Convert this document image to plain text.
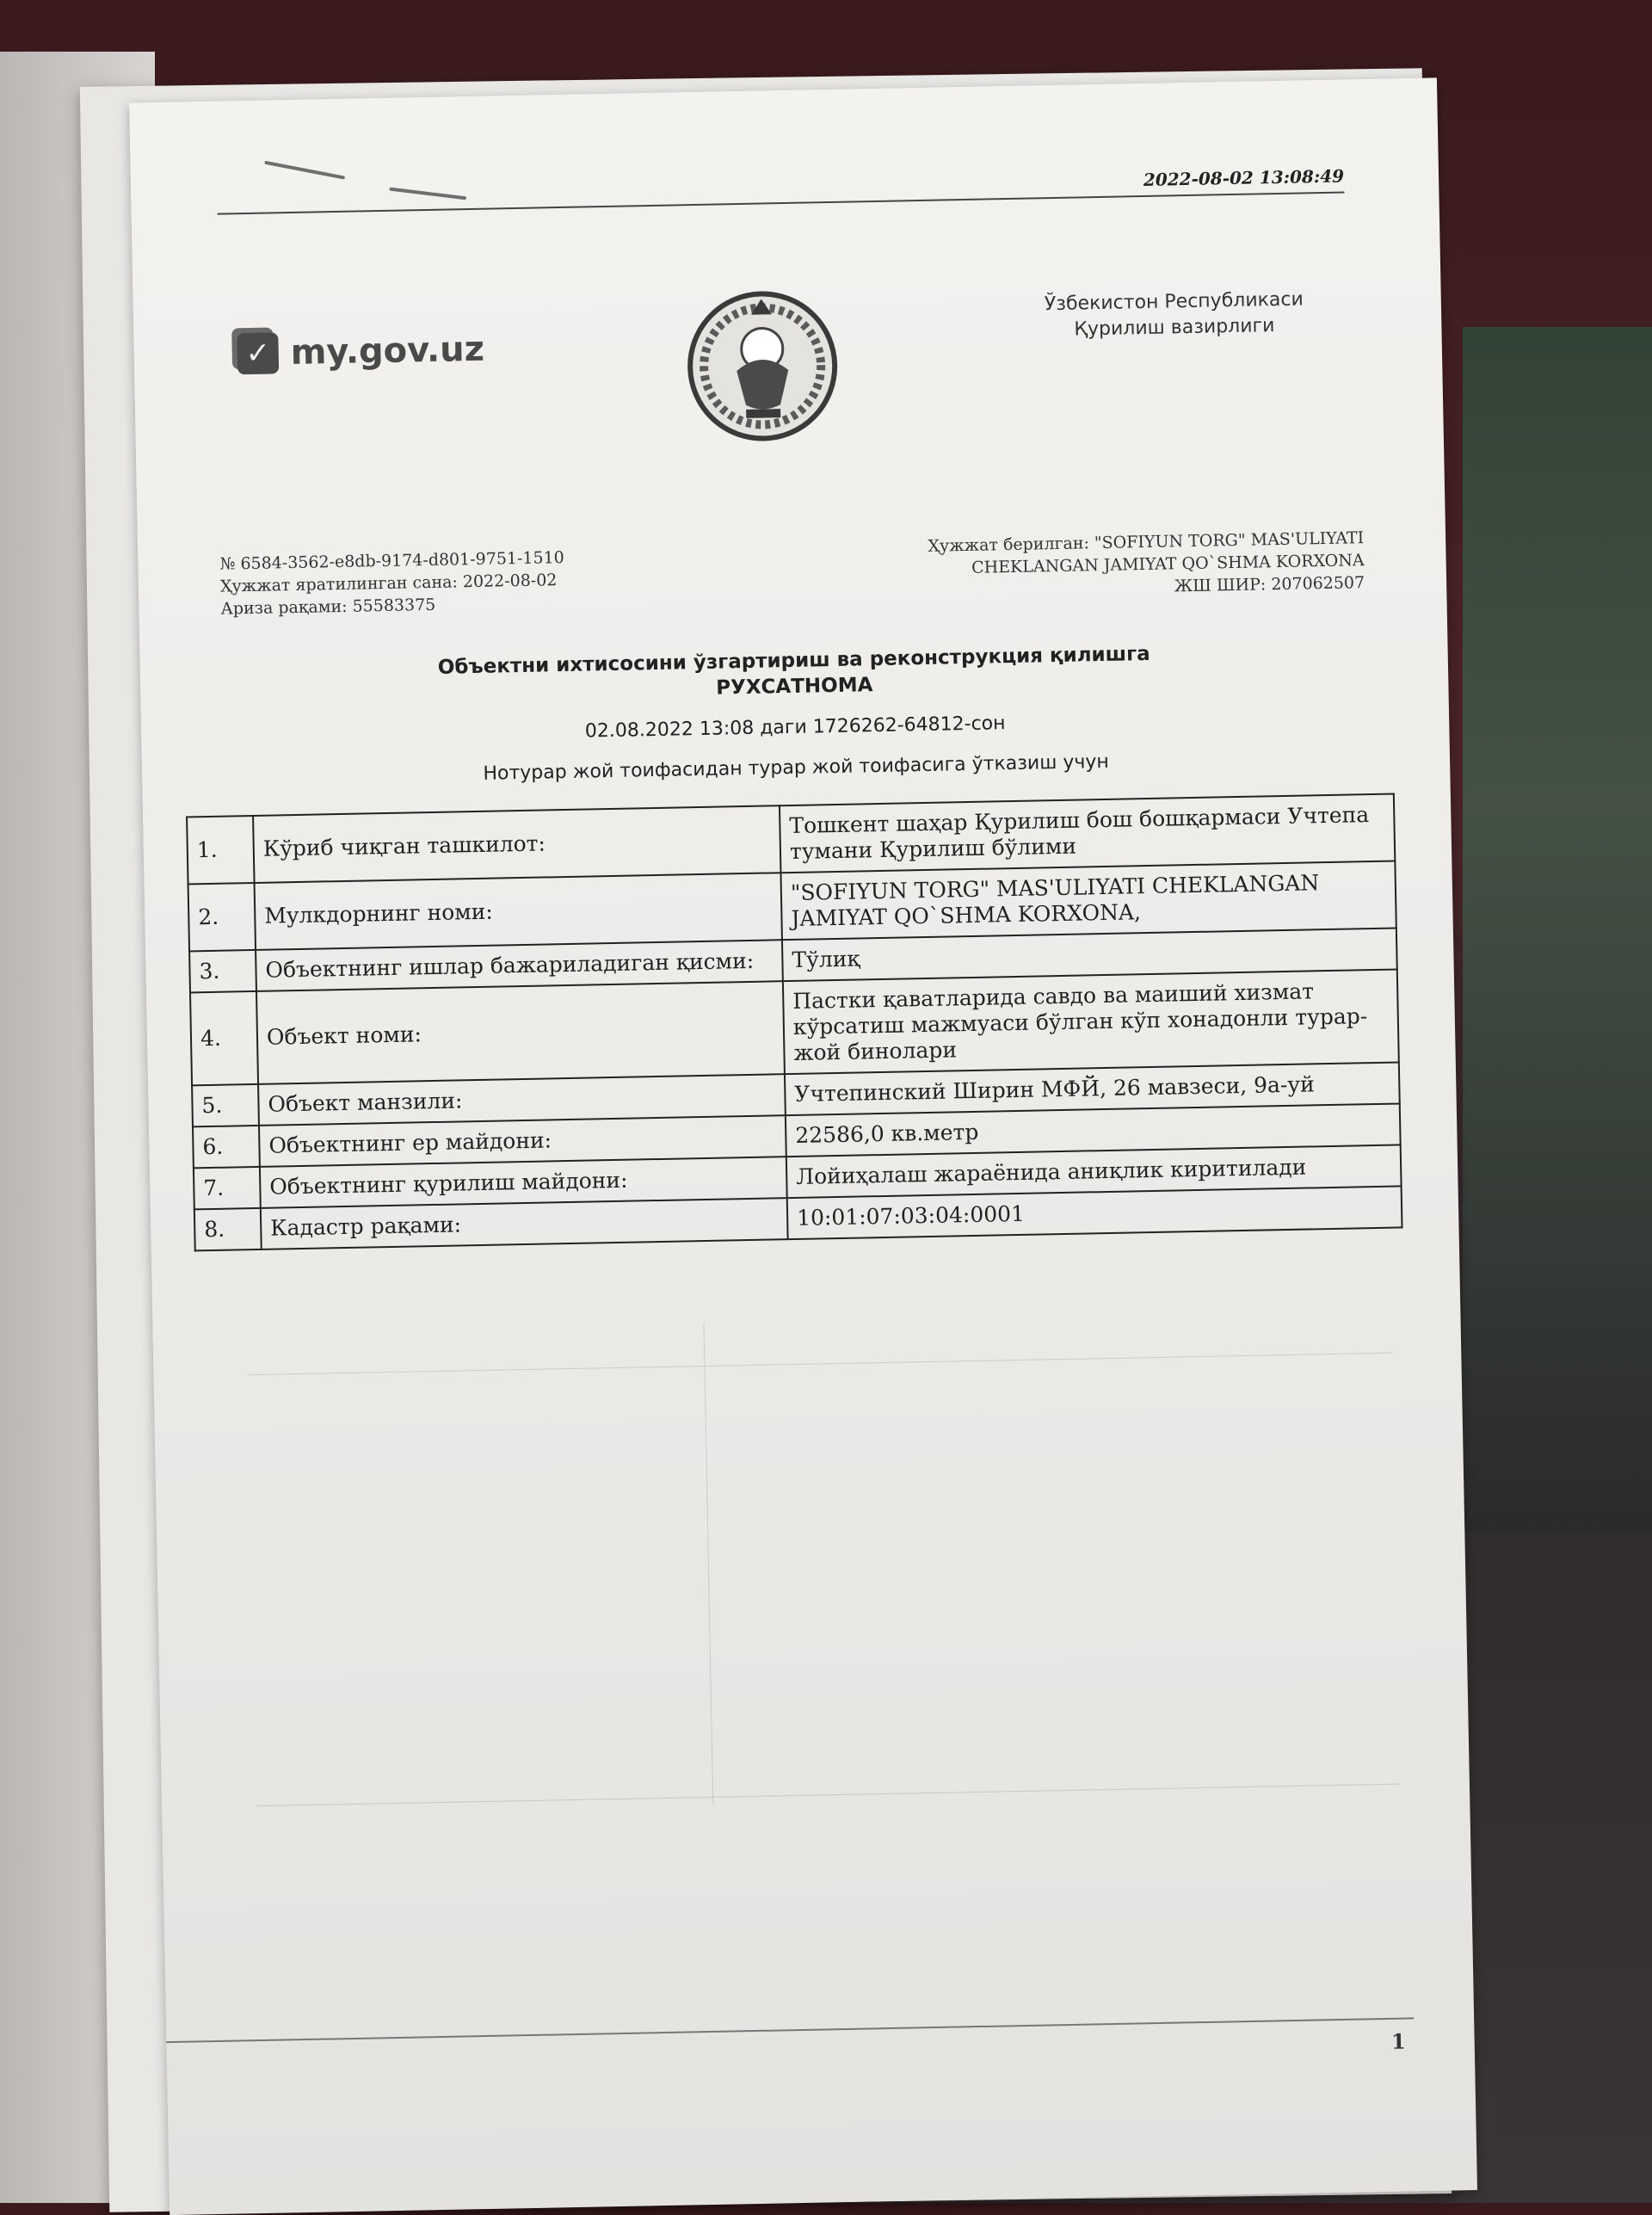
2022-08-02 13:08:49
✓ my.gov.uz
Ўзбекистон Республикаси
Қурилиш вазирлиги
№ 6584-3562-e8db-9174-d801-9751-1510
Ҳужжат яратилинган сана: 2022-08-02
Ариза рақами: 55583375
Ҳужжат берилган: "SOFIYUN TORG" MAS'ULIYATI
CHEKLANGAN JAMIYAT QO`SHMA KORXONA
ЖШ ШИР: 207062507
Объектни ихтисосини ўзгартириш ва реконструкция қилишга
РУХСАТНОМА
02.08.2022 13:08 даги 1726262-64812-сон
Нотурар жой тоифасидан турар жой тоифасига ўтказиш учун
1.	Кўриб чиқган ташкилот:	Тошкент шаҳар Қурилиш бош бошқармаси Учтепа тумани Қурилиш бўлими
2.	Мулкдорнинг номи:	"SOFIYUN TORG" MAS'ULIYATI CHEKLANGAN JAMIYAT QO`SHMA KORXONA,
3.	Объектнинг ишлар бажариладиган қисми:	Тўлиқ
4.	Объект номи:	Пастки қаватларида савдо ва маиший хизмат кўрсатиш мажмуаси бўлган кўп хонадонли турар-жой бинолари
5.	Объект манзили:	Учтепинский Ширин МФЙ, 26 мавзеси, 9а-уй
6.	Объектнинг ер майдони:	22586,0 кв.метр
7.	Объектнинг қурилиш майдони:	Лойиҳалаш жараёнида аниқлик киритилади
8.	Кадастр рақами:	10:01:07:03:04:0001
1
